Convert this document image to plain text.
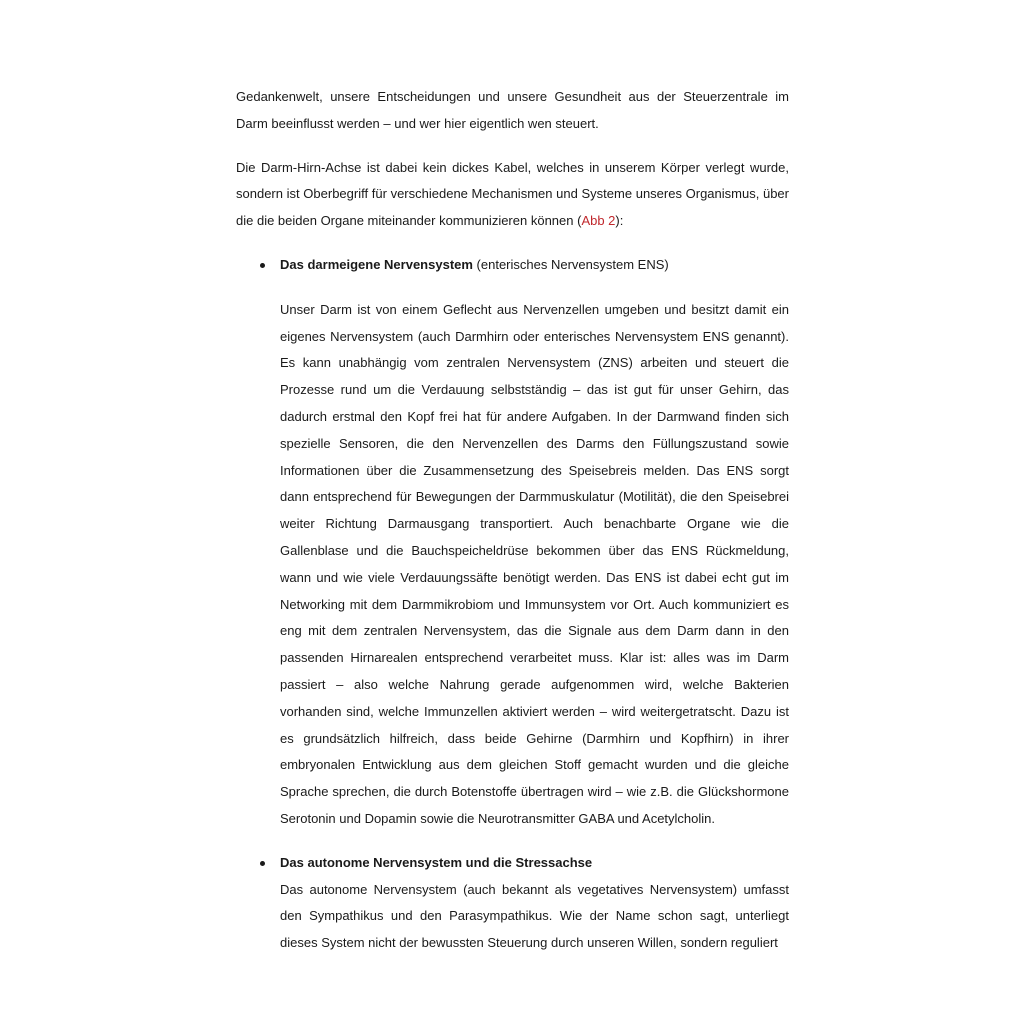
Gedankenwelt, unsere Entscheidungen und unsere Gesundheit aus der Steuerzentrale im Darm beeinflusst werden – und wer hier eigentlich wen steuert.

Die Darm-Hirn-Achse ist dabei kein dickes Kabel, welches in unserem Körper verlegt wurde, sondern ist Oberbegriff für verschiedene Mechanismen und Systeme unseres Organismus, über die die beiden Organe miteinander kommunizieren können (Abb 2):

Das darmeigene Nervensystem (enterisches Nervensystem ENS)

Unser Darm ist von einem Geflecht aus Nervenzellen umgeben und besitzt damit ein eigenes Nervensystem (auch Darmhirn oder enterisches Nervensystem ENS genannt). Es kann unabhängig vom zentralen Nervensystem (ZNS) arbeiten und steuert die Prozesse rund um die Verdauung selbstständig – das ist gut für unser Gehirn, das dadurch erstmal den Kopf frei hat für andere Aufgaben. In der Darmwand finden sich spezielle Sensoren, die den Nervenzellen des Darms den Füllungszustand sowie Informationen über die Zusammensetzung des Speisebreis melden. Das ENS sorgt dann entsprechend für Bewegungen der Darmmuskulatur (Motilität), die den Speisebrei weiter Richtung Darmausgang transportiert. Auch benachbarte Organe wie die Gallenblase und die Bauchspeicheldrüse bekommen über das ENS Rückmeldung, wann und wie viele Verdauungssäfte benötigt werden. Das ENS ist dabei echt gut im Networking mit dem Darmmikrobiom und Immunsystem vor Ort. Auch kommuniziert es eng mit dem zentralen Nervensystem, das die Signale aus dem Darm dann in den passenden Hirnarealen entsprechend verarbeitet muss. Klar ist: alles was im Darm passiert – also welche Nahrung gerade aufgenommen wird, welche Bakterien vorhanden sind, welche Immunzellen aktiviert werden – wird weitergetratscht. Dazu ist es grundsätzlich hilfreich, dass beide Gehirne (Darmhirn und Kopfhirn) in ihrer embryonalen Entwicklung aus dem gleichen Stoff gemacht wurden und die gleiche Sprache sprechen, die durch Botenstoffe übertragen wird – wie z.B. die Glückshormone Serotonin und Dopamin sowie die Neurotransmitter GABA und Acetylcholin.

Das autonome Nervensystem und die Stressachse

Das autonome Nervensystem (auch bekannt als vegetatives Nervensystem) umfasst den Sympathikus und den Parasympathikus. Wie der Name schon sagt, unterliegt dieses System nicht der bewussten Steuerung durch unseren Willen, sondern reguliert
